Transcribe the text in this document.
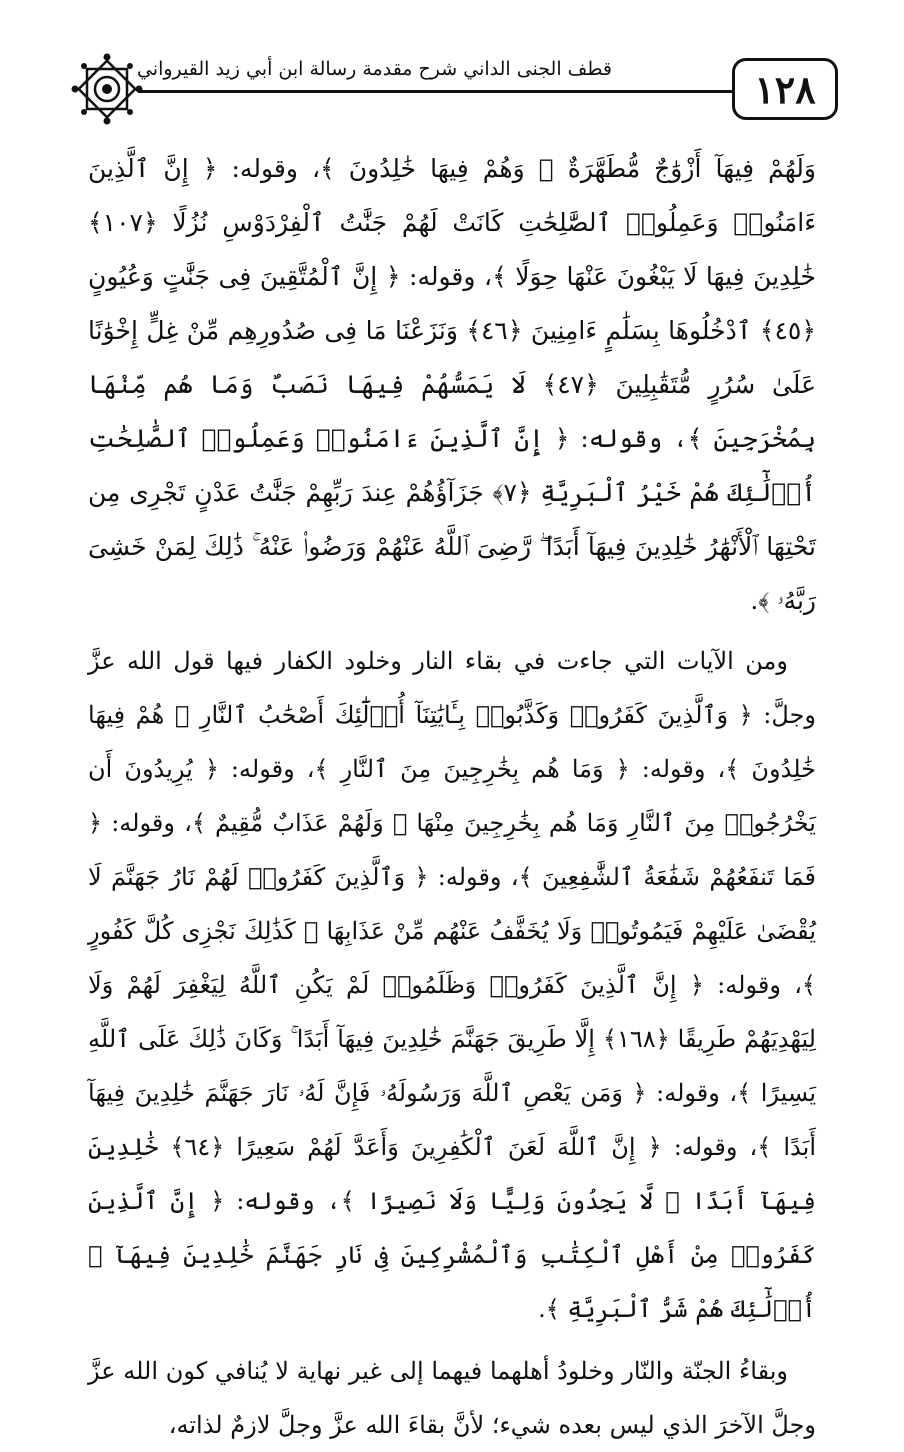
قطف الجنى الداني شرح مقدمة رسالة ابن أبي زيد القيرواني	١٢٨

وَلَهُمْ فِيهَآ أَزْوَٰجٌ مُّطَهَّرَةٌ ۖ وَهُمْ فِيهَا خَٰلِدُونَ ﴾، وقوله: ﴿ إِنَّ ٱلَّذِينَ ءَامَنُوا۟ وَعَمِلُوا۟ ٱلصَّٰلِحَٰتِ كَانَتْ لَهُمْ جَنَّٰتُ ٱلْفِرْدَوْسِ نُزُلًا ﴿١٠٧﴾ خَٰلِدِينَ فِيهَا لَا يَبْغُونَ عَنْهَا حِوَلًا ﴾، وقوله: ﴿ إِنَّ ٱلْمُتَّقِينَ فِى جَنَّٰتٍ وَعُيُونٍ ﴿٤٥﴾ ٱدْخُلُوهَا بِسَلَٰمٍ ءَامِنِينَ ﴿٤٦﴾ وَنَزَعْنَا مَا فِى صُدُورِهِم مِّنْ غِلٍّ إِخْوَٰنًا عَلَىٰ سُرُرٍ مُّتَقَٰبِلِينَ ﴿٤٧﴾ لَا يَمَسُّهُمْ فِيهَا نَصَبٌ وَمَا هُم مِّنْهَا بِمُخْرَجِينَ ﴾، وقوله: ﴿ إِنَّ ٱلَّذِينَ ءَامَنُوا۟ وَعَمِلُوا۟ ٱلصَّٰلِحَٰتِ أُو۟لَٰٓئِكَ هُمْ خَيْرُ ٱلْبَرِيَّةِ ﴿٧﴾ جَزَآؤُهُمْ عِندَ رَبِّهِمْ جَنَّٰتُ عَدْنٍ تَجْرِى مِن تَحْتِهَا ٱلْأَنْهَٰرُ خَٰلِدِينَ فِيهَآ أَبَدًا ۖ رَّضِىَ ٱللَّهُ عَنْهُمْ وَرَضُوا۟ عَنْهُ ۚ ذَٰلِكَ لِمَنْ خَشِىَ رَبَّهُۥ ﴾.

ومن الآيات التي جاءت في بقاء النار وخلود الكفار فيها قول الله عزَّ وجلَّ: ﴿ وَٱلَّذِينَ كَفَرُوا۟ وَكَذَّبُوا۟ بِـَٔايَٰتِنَآ أُو۟لَٰٓئِكَ أَصْحَٰبُ ٱلنَّارِ ۖ هُمْ فِيهَا خَٰلِدُونَ ﴾، وقوله: ﴿ وَمَا هُم بِخَٰرِجِينَ مِنَ ٱلنَّارِ ﴾، وقوله: ﴿ يُرِيدُونَ أَن يَخْرُجُوا۟ مِنَ ٱلنَّارِ وَمَا هُم بِخَٰرِجِينَ مِنْهَا ۖ وَلَهُمْ عَذَابٌ مُّقِيمٌ ﴾، وقوله: ﴿ فَمَا تَنفَعُهُمْ شَفَٰعَةُ ٱلشَّٰفِعِينَ ﴾، وقوله: ﴿ وَٱلَّذِينَ كَفَرُوا۟ لَهُمْ نَارُ جَهَنَّمَ لَا يُقْضَىٰ عَلَيْهِمْ فَيَمُوتُوا۟ وَلَا يُخَفَّفُ عَنْهُم مِّنْ عَذَابِهَا ۚ كَذَٰلِكَ نَجْزِى كُلَّ كَفُورٍ ﴾، وقوله: ﴿ إِنَّ ٱلَّذِينَ كَفَرُوا۟ وَظَلَمُوا۟ لَمْ يَكُنِ ٱللَّهُ لِيَغْفِرَ لَهُمْ وَلَا لِيَهْدِيَهُمْ طَرِيقًا ﴿١٦٨﴾ إِلَّا طَرِيقَ جَهَنَّمَ خَٰلِدِينَ فِيهَآ أَبَدًا ۚ وَكَانَ ذَٰلِكَ عَلَى ٱللَّهِ يَسِيرًا ﴾، وقوله: ﴿ وَمَن يَعْصِ ٱللَّهَ وَرَسُولَهُۥ فَإِنَّ لَهُۥ نَارَ جَهَنَّمَ خَٰلِدِينَ فِيهَآ أَبَدًا ﴾، وقوله: ﴿ إِنَّ ٱللَّهَ لَعَنَ ٱلْكَٰفِرِينَ وَأَعَدَّ لَهُمْ سَعِيرًا ﴿٦٤﴾ خَٰلِدِينَ فِيهَآ أَبَدًا ۖ لَّا يَجِدُونَ وَلِيًّا وَلَا نَصِيرًا ﴾، وقوله: ﴿ إِنَّ ٱلَّذِينَ كَفَرُوا۟ مِنْ أَهْلِ ٱلْكِتَٰبِ وَٱلْمُشْرِكِينَ فِى نَارِ جَهَنَّمَ خَٰلِدِينَ فِيهَآ ۚ أُو۟لَٰٓئِكَ هُمْ شَرُّ ٱلْبَرِيَّةِ ﴾.

وبقاءُ الجنّة والنّار وخلودُ أهلهما فيهما إلى غير نهاية لا يُنافي كون الله عزَّ وجلَّ الآخرَ الذي ليس بعده شيء؛ لأنَّ بقاءَ الله عزَّ وجلَّ لازمٌ لذاته،
